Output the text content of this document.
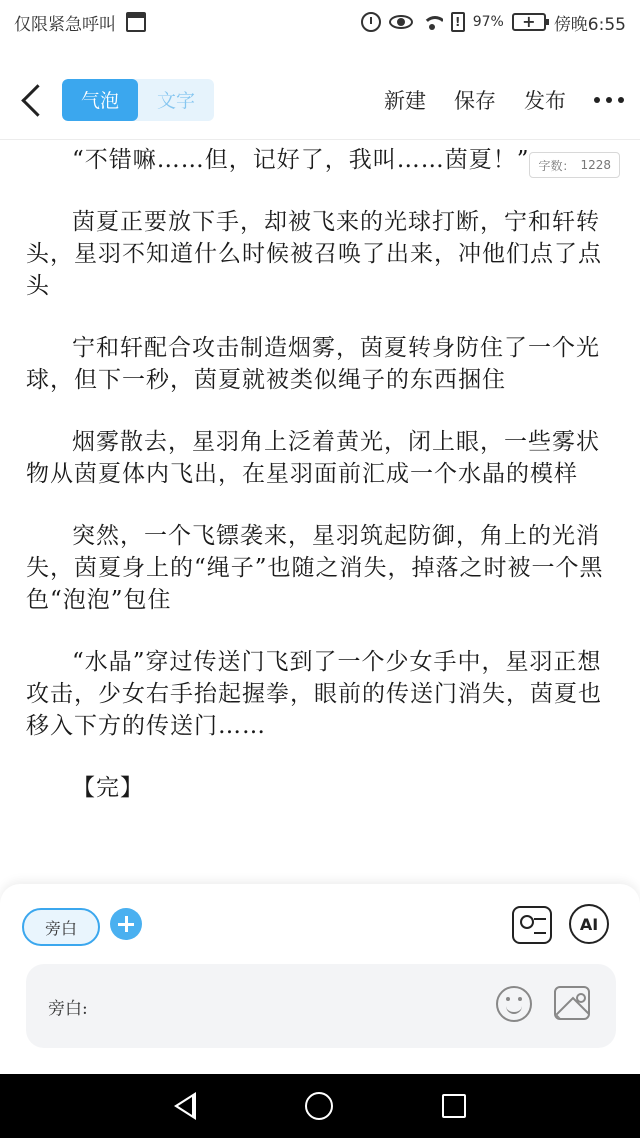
仅限紧急呼叫	! 97%	+	傍晚6:55
气泡	文字	新建 保存 发布

“不错嘛……但，记好了，我叫……茵夏！”

茵夏正要放下手，却被飞来的光球打断，宁和轩转头，星羽不知道什么时候被召唤了出来，冲他们点了点头

宁和轩配合攻击制造烟雾，茵夏转身防住了一个光球，但下一秒，茵夏就被类似绳子的东西捆住

烟雾散去，星羽角上泛着黄光，闭上眼，一些雾状物从茵夏体内飞出，在星羽面前汇成一个水晶的模样

突然，一个飞镖袭来，星羽筑起防御，角上的光消失，茵夏身上的“绳子”也随之消失，掉落之时被一个黑色“泡泡”包住

“水晶”穿过传送门飞到了一个少女手中，星羽正想攻击，少女右手抬起握拳，眼前的传送门消失，茵夏也移入下方的传送门……

【完】

字数： 1228
旁白	AI
旁白:
